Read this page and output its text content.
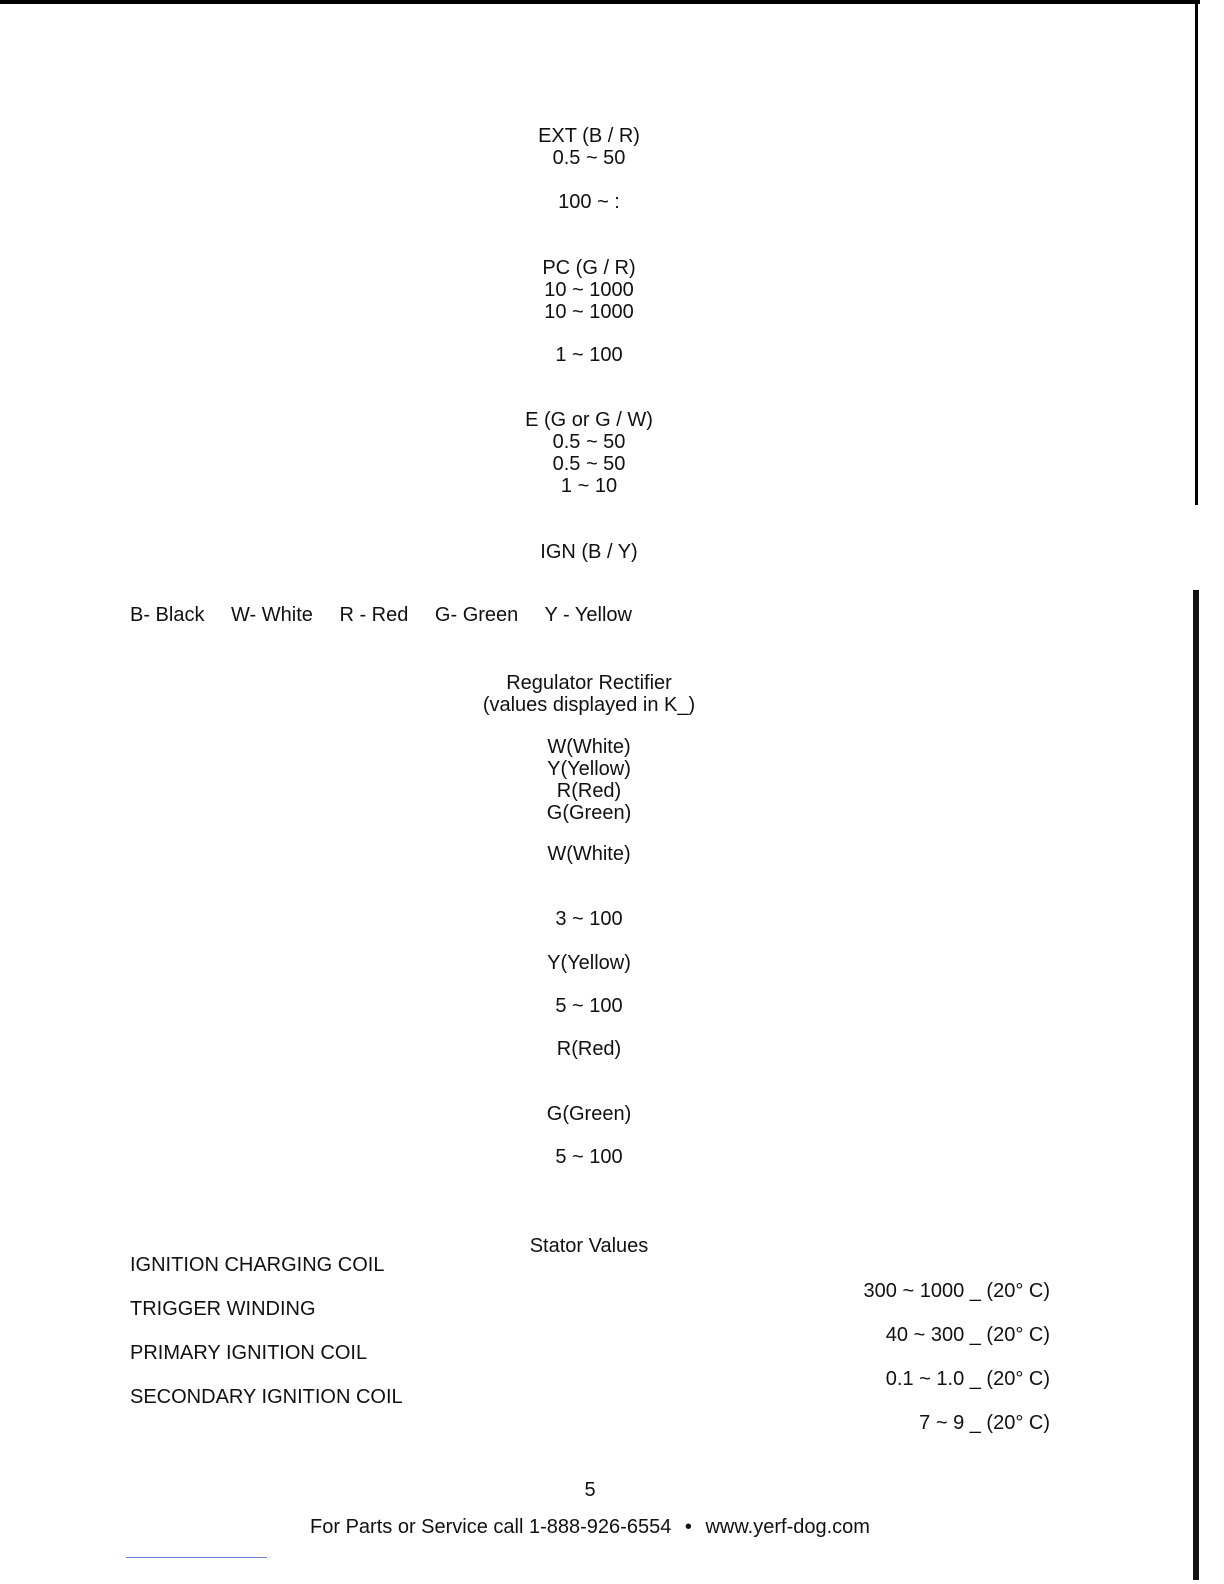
EXT (B / R)
0.5 ~ 50
100 ~ :
PC (G / R)
10 ~ 1000
10 ~ 1000
1 ~ 100
E (G or G / W)
0.5 ~ 50
0.5 ~ 50
1 ~ 10
IGN (B / Y)
B- Black W- White R - Red G- Green Y - Yellow
Regulator Rectifier
(values displayed in K_)
W(White)
Y(Yellow)
R(Red)
G(Green)
W(White)
3 ~ 100
Y(Yellow)
5 ~ 100
R(Red)
G(Green)
5 ~ 100
Stator Values
IGNITION CHARGING COIL
TRIGGER WINDING
PRIMARY IGNITION COIL
SECONDARY IGNITION COIL
300 ~ 1000 _ (20° C)
40 ~ 300 _ (20° C)
0.1 ~ 1.0 _ (20° C)
7 ~ 9 _ (20° C)
5
For Parts or Service call 1-888-926-6554 • www.yerf-dog.com
